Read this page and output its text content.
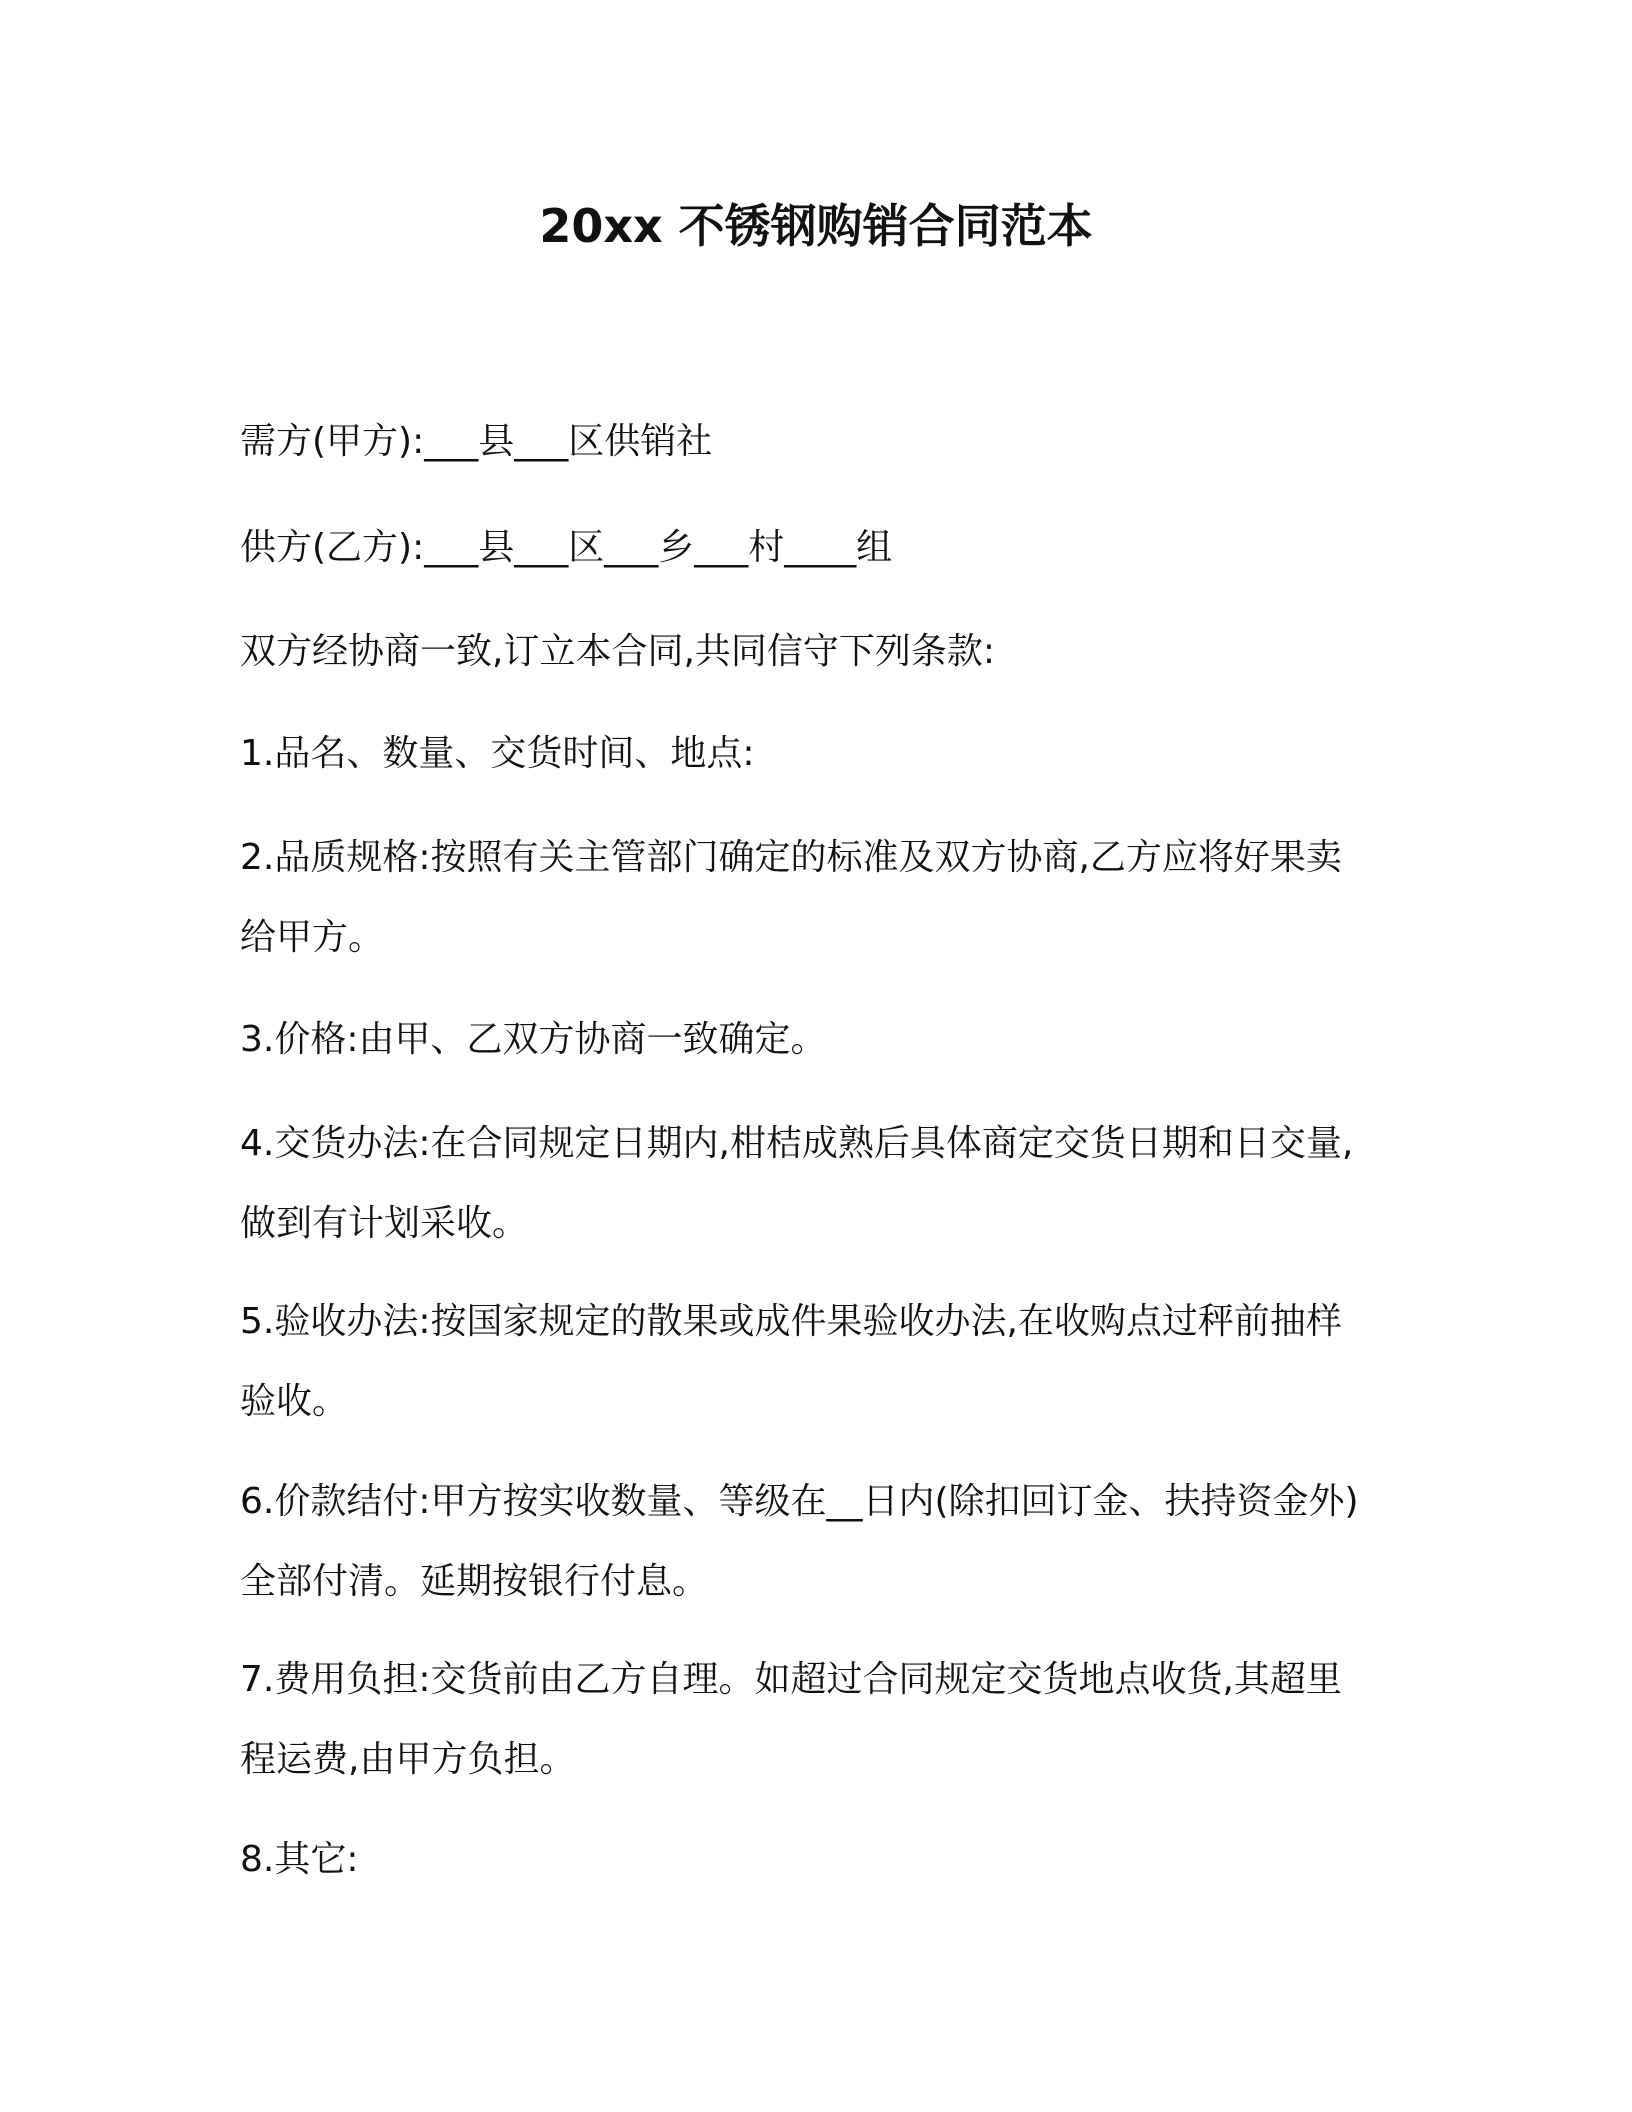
20xx 不锈钢购销合同范本
需方(甲方):___县___区供销社
供方(乙方):___县___区___乡___村____组
双方经协商一致,订立本合同,共同信守下列条款:
1.品名、数量、交货时间、地点:
2.品质规格:按照有关主管部门确定的标准及双方协商,乙方应将好果卖
给甲方。
3.价格:由甲、乙双方协商一致确定。
4.交货办法:在合同规定日期内,柑桔成熟后具体商定交货日期和日交量,
做到有计划采收。
5.验收办法:按国家规定的散果或成件果验收办法,在收购点过秤前抽样
验收。
6.价款结付:甲方按实收数量、等级在__日内(除扣回订金、扶持资金外)
全部付清。延期按银行付息。
7.费用负担:交货前由乙方自理。如超过合同规定交货地点收货,其超里
程运费,由甲方负担。
8.其它:
